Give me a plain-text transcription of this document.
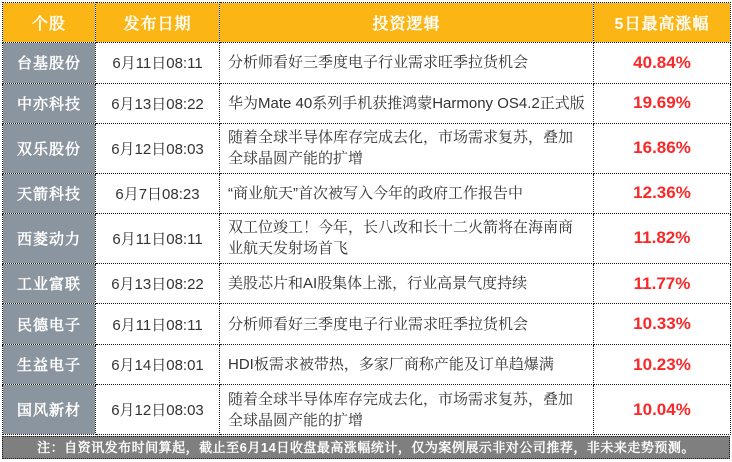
个股	发布日期	投资逻辑	5日最高涨幅
台基股份	6月11日08:11	分析师看好三季度电子行业需求旺季拉货机会	40.84%
中亦科技	6月13日08:22	华为Mate 40系列手机获推鸿蒙Harmony OS4.2正式版	19.69%
双乐股份	6月12日08:03	随着全球半导体库存完成去化，市场需求复苏，叠加全球晶圆产能的扩增	16.86%
天箭科技	6月7日08:23	“商业航天”首次被写入今年的政府工作报告中	12.36%
西菱动力	6月11日08:11	双工位竣工！今年，长八改和长十二火箭将在海南商业航天发射场首飞	11.82%
工业富联	6月13日08:22	美股芯片和AI股集体上涨，行业高景气度持续	11.77%
民德电子	6月11日08:11	分析师看好三季度电子行业需求旺季拉货机会	10.33%
生益电子	6月14日08:01	HDI板需求被带热，多家厂商称产能及订单趋爆满	10.23%
国风新材	6月12日08:03	随着全球半导体库存完成去化，市场需求复苏，叠加全球晶圆产能的扩增	10.04%
注：自资讯发布时间算起，截止至6月14日收盘最高涨幅统计，仅为案例展示非对公司推荐，非未来走势预测。
